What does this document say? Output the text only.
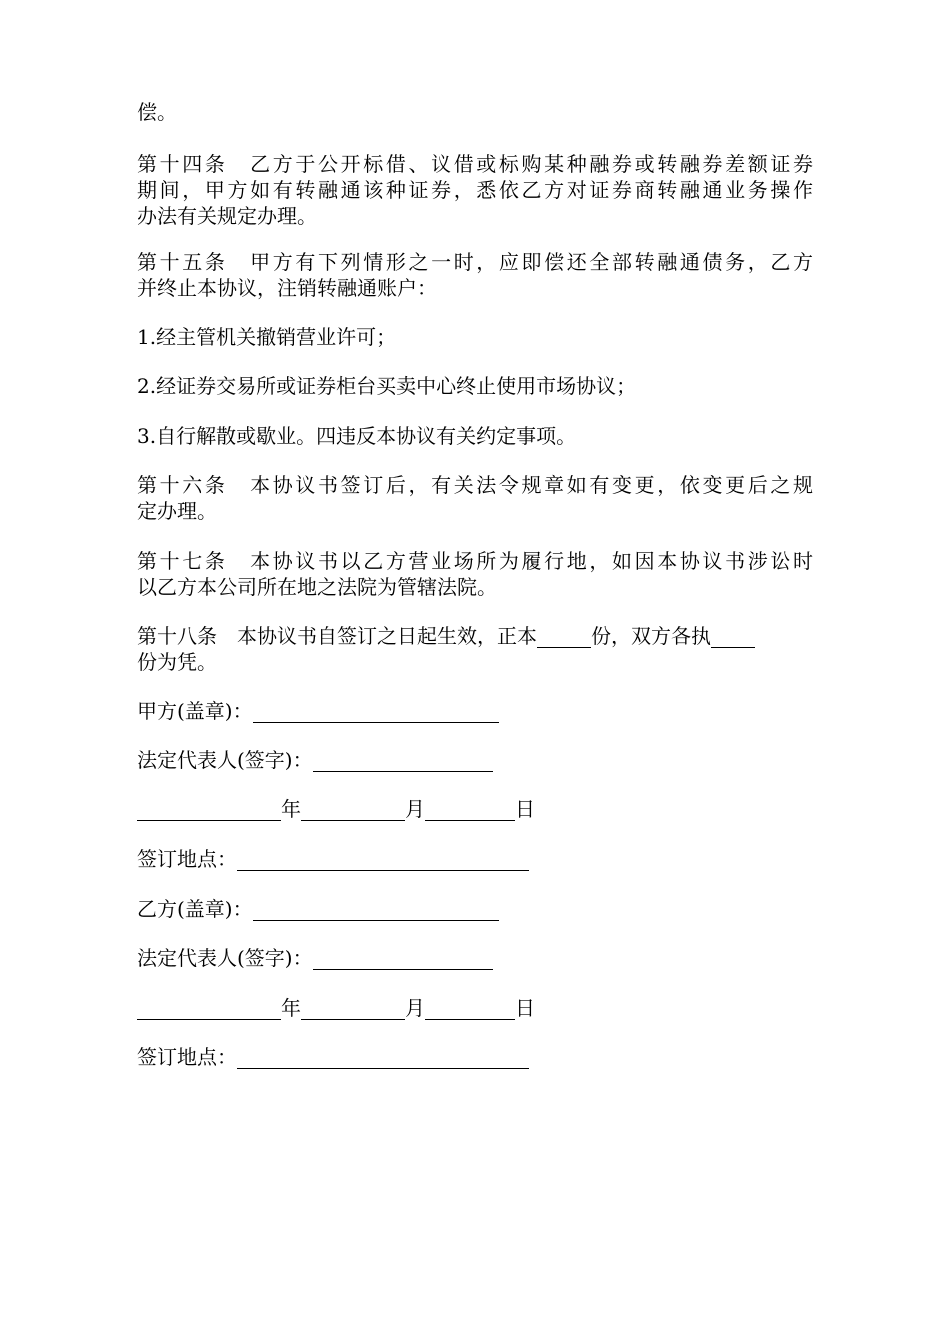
偿。
第十四条　乙方于公开标借、议借或标购某种融券或转融券差额证券
期间，甲方如有转融通该种证券，悉依乙方对证券商转融通业务操作
办法有关规定办理。
第十五条　甲方有下列情形之一时，应即偿还全部转融通债务，乙方
并终止本协议，注销转融通账户：
1.经主管机关撤销营业许可；
2.经证券交易所或证券柜台买卖中心终止使用市场协议；
3.自行解散或歇业。四违反本协议有关约定事项。
第十六条　本协议书签订后，有关法令规章如有变更，依变更后之规
定办理。
第十七条　本协议书以乙方营业场所为履行地，如因本协议书涉讼时
以乙方本公司所在地之法院为管辖法院。
第十八条　本协议书自签订之日起生效，正本	份，双方各执
份为凭。
甲方(盖章)：
法定代表人(签字)：
年	月	日
签订地点：
乙方(盖章)：
法定代表人(签字)：
年	月	日
签订地点：
